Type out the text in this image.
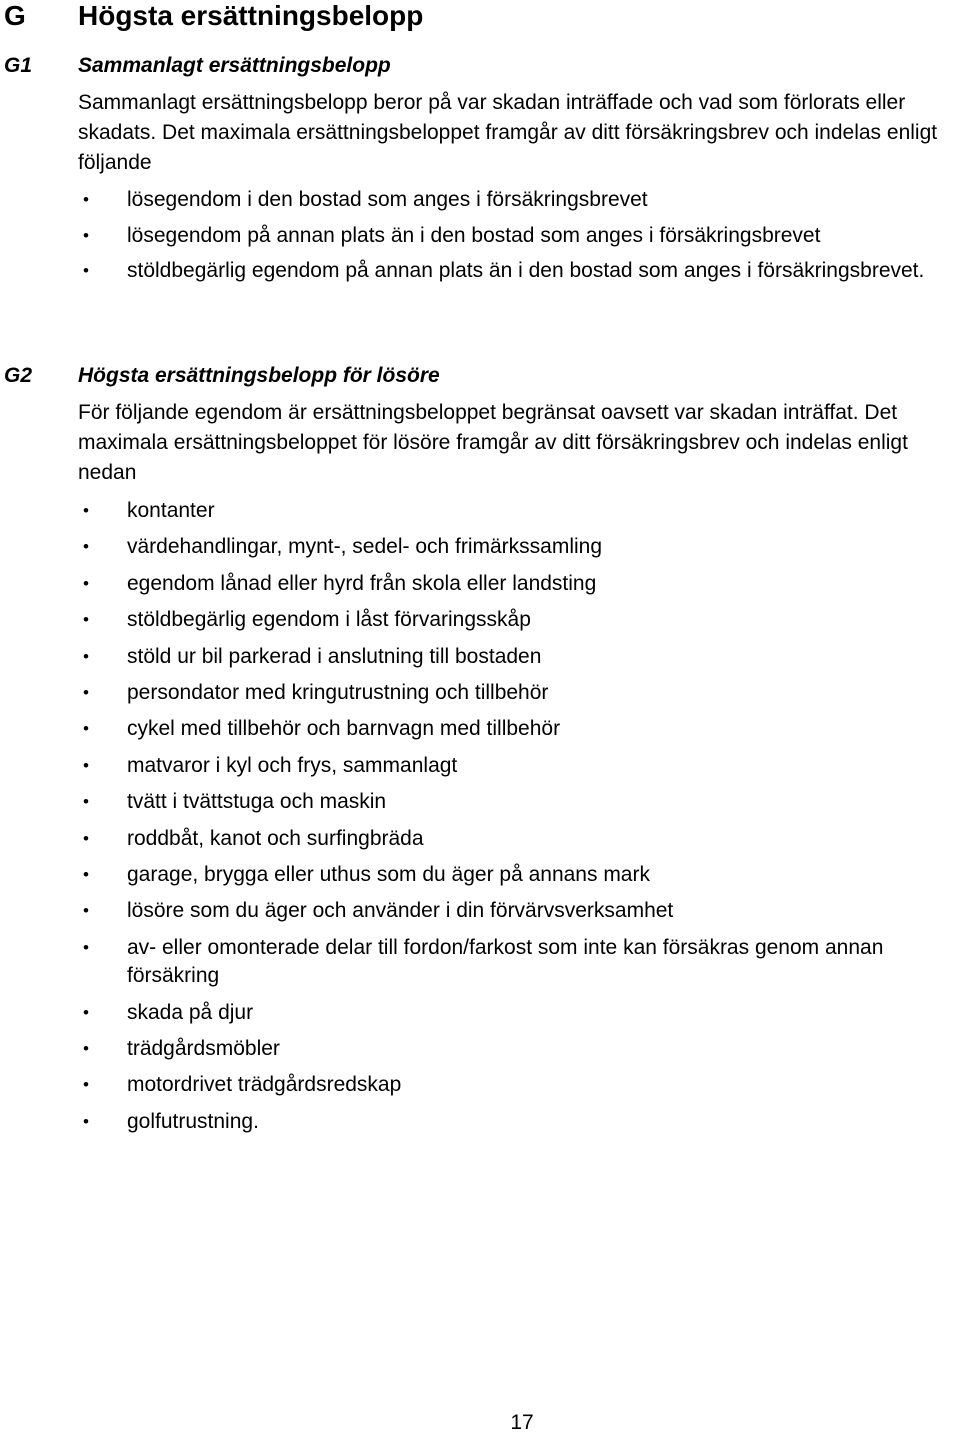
G Högsta ersättningsbelopp
G1 Sammanlagt ersättningsbelopp

Sammanlagt ersättningsbelopp beror på var skadan inträffade och vad som förlorats eller skadats. Det maximala ersättningsbeloppet framgår av ditt försäkringsbrev och indelas enligt följande

• lösegendom i den bostad som anges i försäkringsbrevet
• lösegendom på annan plats än i den bostad som anges i försäkringsbrevet
• stöldbegärlig egendom på annan plats än i den bostad som anges i försäkringsbrevet.
G2 Högsta ersättningsbelopp för lösöre

För följande egendom är ersättningsbeloppet begränsat oavsett var skadan inträffat. Det maximala ersättningsbeloppet för lösöre framgår av ditt försäkringsbrev och indelas enligt nedan

• kontanter
• värdehandlingar, mynt-, sedel- och frimärkssamling
• egendom lånad eller hyrd från skola eller landsting
• stöldbegärlig egendom i låst förvaringsskåp
• stöld ur bil parkerad i anslutning till bostaden
• persondator med kringutrustning och tillbehör
• cykel med tillbehör och barnvagn med tillbehör
• matvaror i kyl och frys, sammanlagt
• tvätt i tvättstuga och maskin
• roddbåt, kanot och surfingbräda
• garage, brygga eller uthus som du äger på annans mark
• lösöre som du äger och använder i din förvärvsverksamhet
• av- eller omonterade delar till fordon/farkost som inte kan försäkras genom annan försäkring
• skada på djur
• trädgårdsmöbler
• motordrivet trädgårdsredskap
• golfutrustning.
17
